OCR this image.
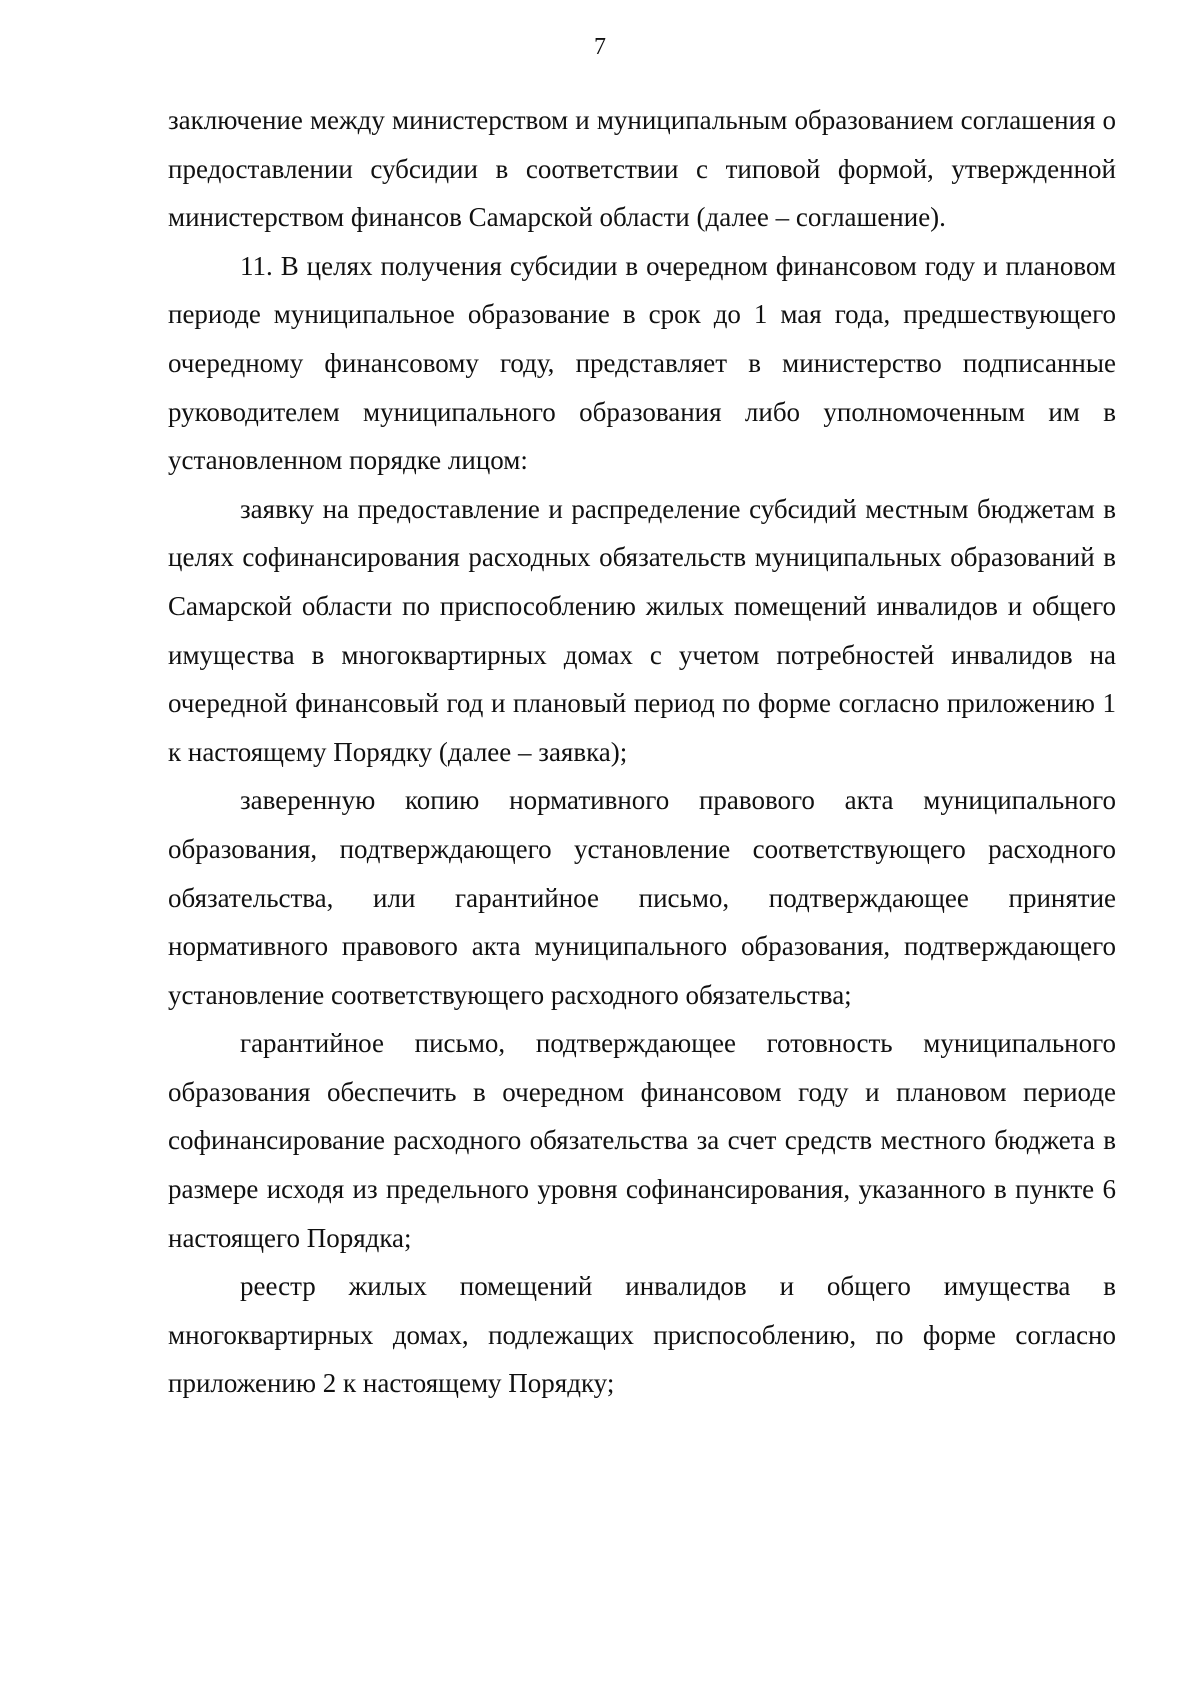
7

заключение между министерством и муниципальным образованием соглашения о предоставлении субсидии в соответствии с типовой формой, утвержденной министерством финансов Самарской области (далее – соглашение).

11. В целях получения субсидии в очередном финансовом году и плановом периоде муниципальное образование в срок до 1 мая года, предшествующего очередному финансовому году, представляет в министерство подписанные руководителем муниципального образования либо уполномоченным им в установленном порядке лицом:

заявку на предоставление и распределение субсидий местным бюджетам в целях софинансирования расходных обязательств муниципальных образований в Самарской области по приспособлению жилых помещений инвалидов и общего имущества в многоквартирных домах с учетом потребностей инвалидов на очередной финансовый год и плановый период по форме согласно приложению 1 к настоящему Порядку (далее – заявка);

заверенную копию нормативного правового акта муниципального образования, подтверждающего установление соответствующего расходного обязательства, или гарантийное письмо, подтверждающее принятие нормативного правового акта муниципального образования, подтверждающего установление соответствующего расходного обязательства;

гарантийное письмо, подтверждающее готовность муниципального образования обеспечить в очередном финансовом году и плановом периоде софинансирование расходного обязательства за счет средств местного бюджета в размере исходя из предельного уровня софинансирования, указанного в пункте 6 настоящего Порядка;

реестр жилых помещений инвалидов и общего имущества в многоквартирных домах, подлежащих приспособлению, по форме согласно приложению 2 к настоящему Порядку;
